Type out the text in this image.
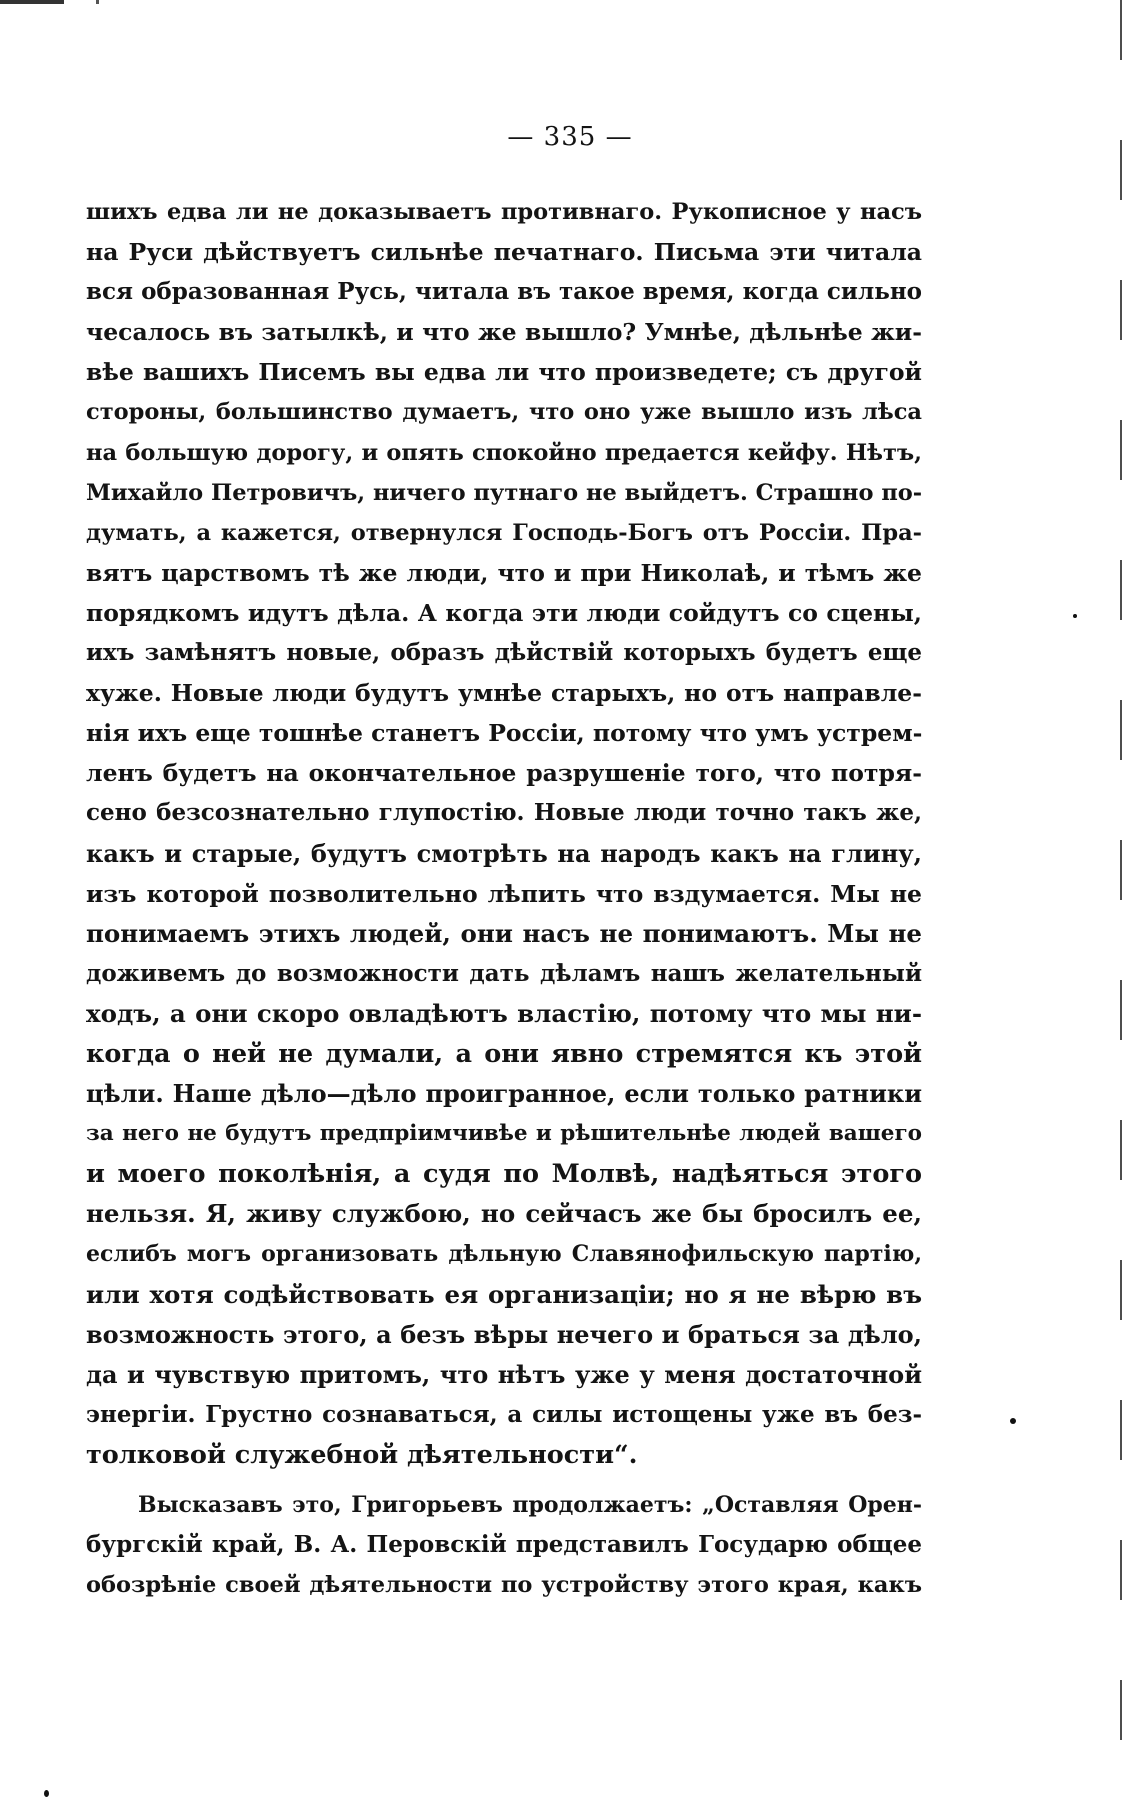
— 335 —
шихъ едва ли не доказываетъ противнаго. Рукописное у насъ
на Руси дѣйствуетъ сильнѣе печатнаго. Письма эти читала
вся образованная Русь, читала въ такое время, когда сильно
чесалось въ затылкѣ, и что же вышло? Умнѣе, дѣльнѣе жи-
вѣе вашихъ Писемъ вы едва ли что произведете; съ другой
стороны, большинство думаетъ, что оно уже вышло изъ лѣса
на большую дорогу, и опять спокойно предается кейфу. Нѣтъ,
Михайло Петровичъ, ничего путнаго не выйдетъ. Страшно по-
думать, а кажется, отвернулся Господь-Богъ отъ Россіи. Пра-
вятъ царствомъ тѣ же люди, что и при Николаѣ, и тѣмъ же
порядкомъ идутъ дѣла. А когда эти люди сойдутъ со сцены,
ихъ замѣнятъ новые, образъ дѣйствій которыхъ будетъ еще
хуже. Новые люди будутъ умнѣе старыхъ, но отъ направле-
нія ихъ еще тошнѣе станетъ Россіи, потому что умъ устрем-
ленъ будетъ на окончательное разрушеніе того, что потря-
сено безсознательно глупостію. Новые люди точно такъ же,
какъ и старые, будутъ смотрѣть на народъ какъ на глину,
изъ которой позволительно лѣпить что вздумается. Мы не
понимаемъ этихъ людей, они насъ не понимаютъ. Мы не
доживемъ до возможности дать дѣламъ нашъ желательный
ходъ, а они скоро овладѣютъ властію, потому что мы ни-
когда о ней не думали, а они явно стремятся къ этой
цѣли. Наше дѣло—дѣло проигранное, если только ратники
за него не будутъ предпріимчивѣе и рѣшительнѣе людей вашего
и моего поколѣнія, а судя по Молвѣ, надѣяться этого
нельзя. Я, живу службою, но сейчасъ же бы бросилъ ее,
еслибъ могъ организовать дѣльную Славянофильскую партію,
или хотя содѣйствовать ея организаціи; но я не вѣрю въ
возможность этого, а безъ вѣры нечего и браться за дѣло,
да и чувствую притомъ, что нѣтъ уже у меня достаточной
энергіи. Грустно сознаваться, а силы истощены уже въ без-
толковой служебной дѣятельности“.
Высказавъ это, Григорьевъ продолжаетъ: „Оставляя Орен-
бургскій край, В. А. Перовскій представилъ Государю общее
обозрѣніе своей дѣятельности по устройству этого края, какъ
